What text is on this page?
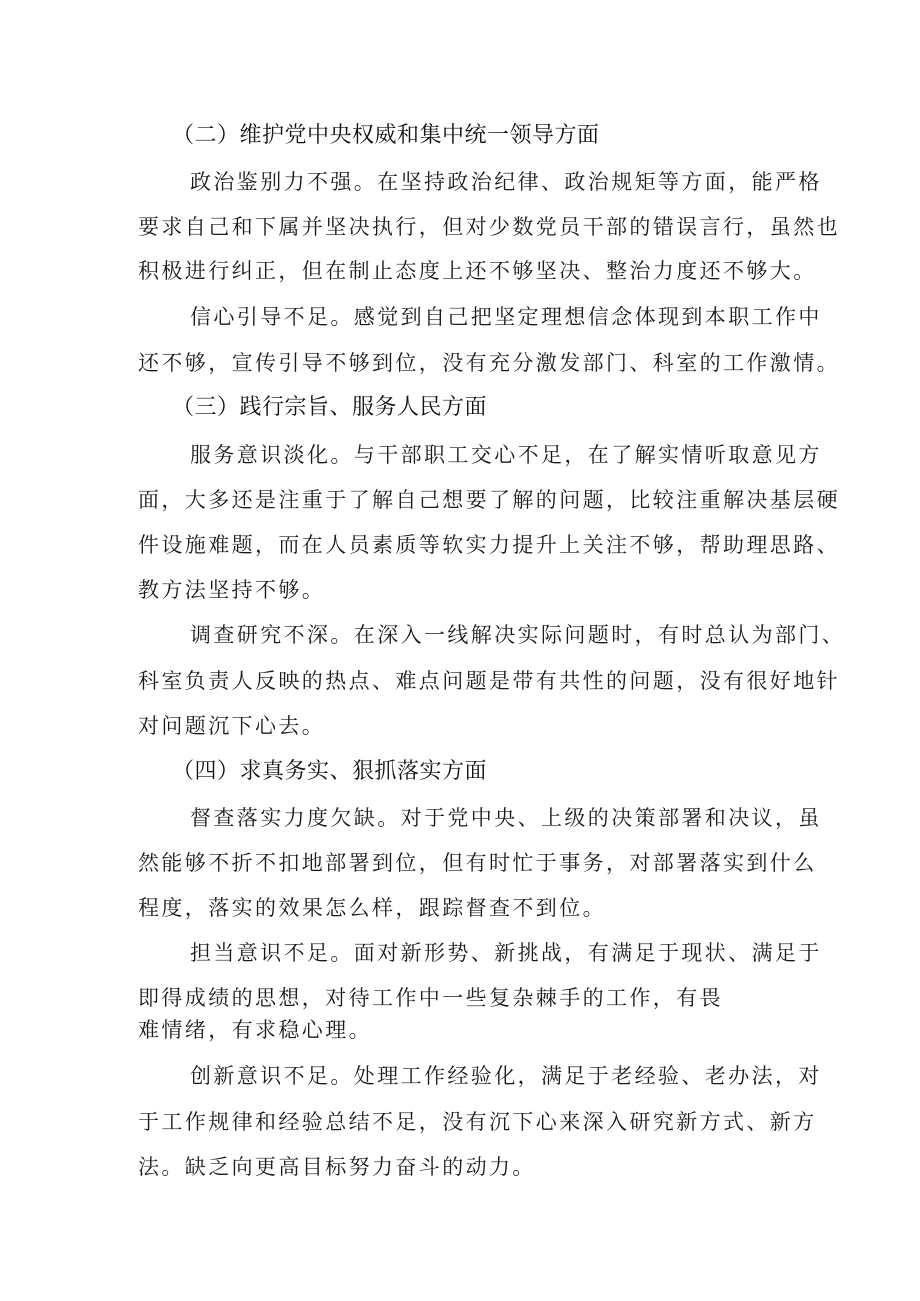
（二）维护党中央权威和集中统一领导方面
政治鉴别力不强。在坚持政治纪律、政治规矩等方面，能严格
要求自己和下属并坚决执行，但对少数党员干部的错误言行，虽然也
积极进行纠正，但在制止态度上还不够坚决、整治力度还不够大。
信心引导不足。感觉到自己把坚定理想信念体现到本职工作中
还不够，宣传引导不够到位，没有充分激发部门、科室的工作激情。
（三）践行宗旨、服务人民方面
服务意识淡化。与干部职工交心不足，在了解实情听取意见方
面，大多还是注重于了解自己想要了解的问题，比较注重解决基层硬
件设施难题，而在人员素质等软实力提升上关注不够，帮助理思路、
教方法坚持不够。
调查研究不深。在深入一线解决实际问题时，有时总认为部门、
科室负责人反映的热点、难点问题是带有共性的问题，没有很好地针
对问题沉下心去。
（四）求真务实、狠抓落实方面
督查落实力度欠缺。对于党中央、上级的决策部署和决议，虽
然能够不折不扣地部署到位，但有时忙于事务，对部署落实到什么
程度，落实的效果怎么样，跟踪督查不到位。
担当意识不足。面对新形势、新挑战，有满足于现状、满足于
即得成绩的思想，对待工作中一些复杂棘手的工作，有畏
难情绪，有求稳心理。
创新意识不足。处理工作经验化，满足于老经验、老办法，对
于工作规律和经验总结不足，没有沉下心来深入研究新方式、新方
法。缺乏向更高目标努力奋斗的动力。
